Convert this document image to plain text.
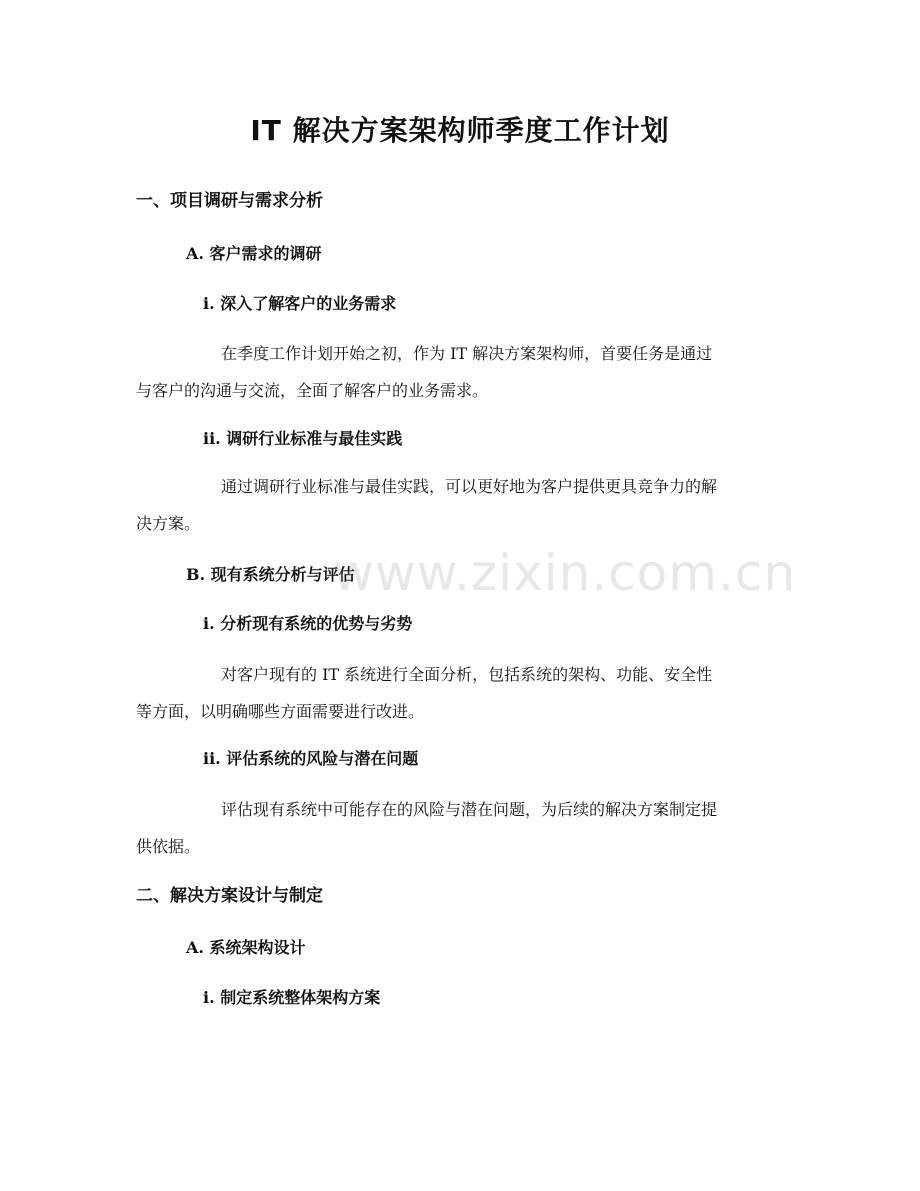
IT 解决方案架构师季度工作计划
一、项目调研与需求分析
A. 客户需求的调研
i. 深入了解客户的业务需求

在季度工作计划开始之初，作为 IT 解决方案架构师，首要任务是通过
与客户的沟通与交流，全面了解客户的业务需求。

ii. 调研行业标准与最佳实践

通过调研行业标准与最佳实践，可以更好地为客户提供更具竞争力的解
决方案。

B. 现有系统分析与评估
i. 分析现有系统的优势与劣势

对客户现有的 IT 系统进行全面分析，包括系统的架构、功能、安全性
等方面，以明确哪些方面需要进行改进。

ii. 评估系统的风险与潜在问题

评估现有系统中可能存在的风险与潜在问题，为后续的解决方案制定提
供依据。

二、解决方案设计与制定
A. 系统架构设计
i. 制定系统整体架构方案
www.zixin.com.cn
